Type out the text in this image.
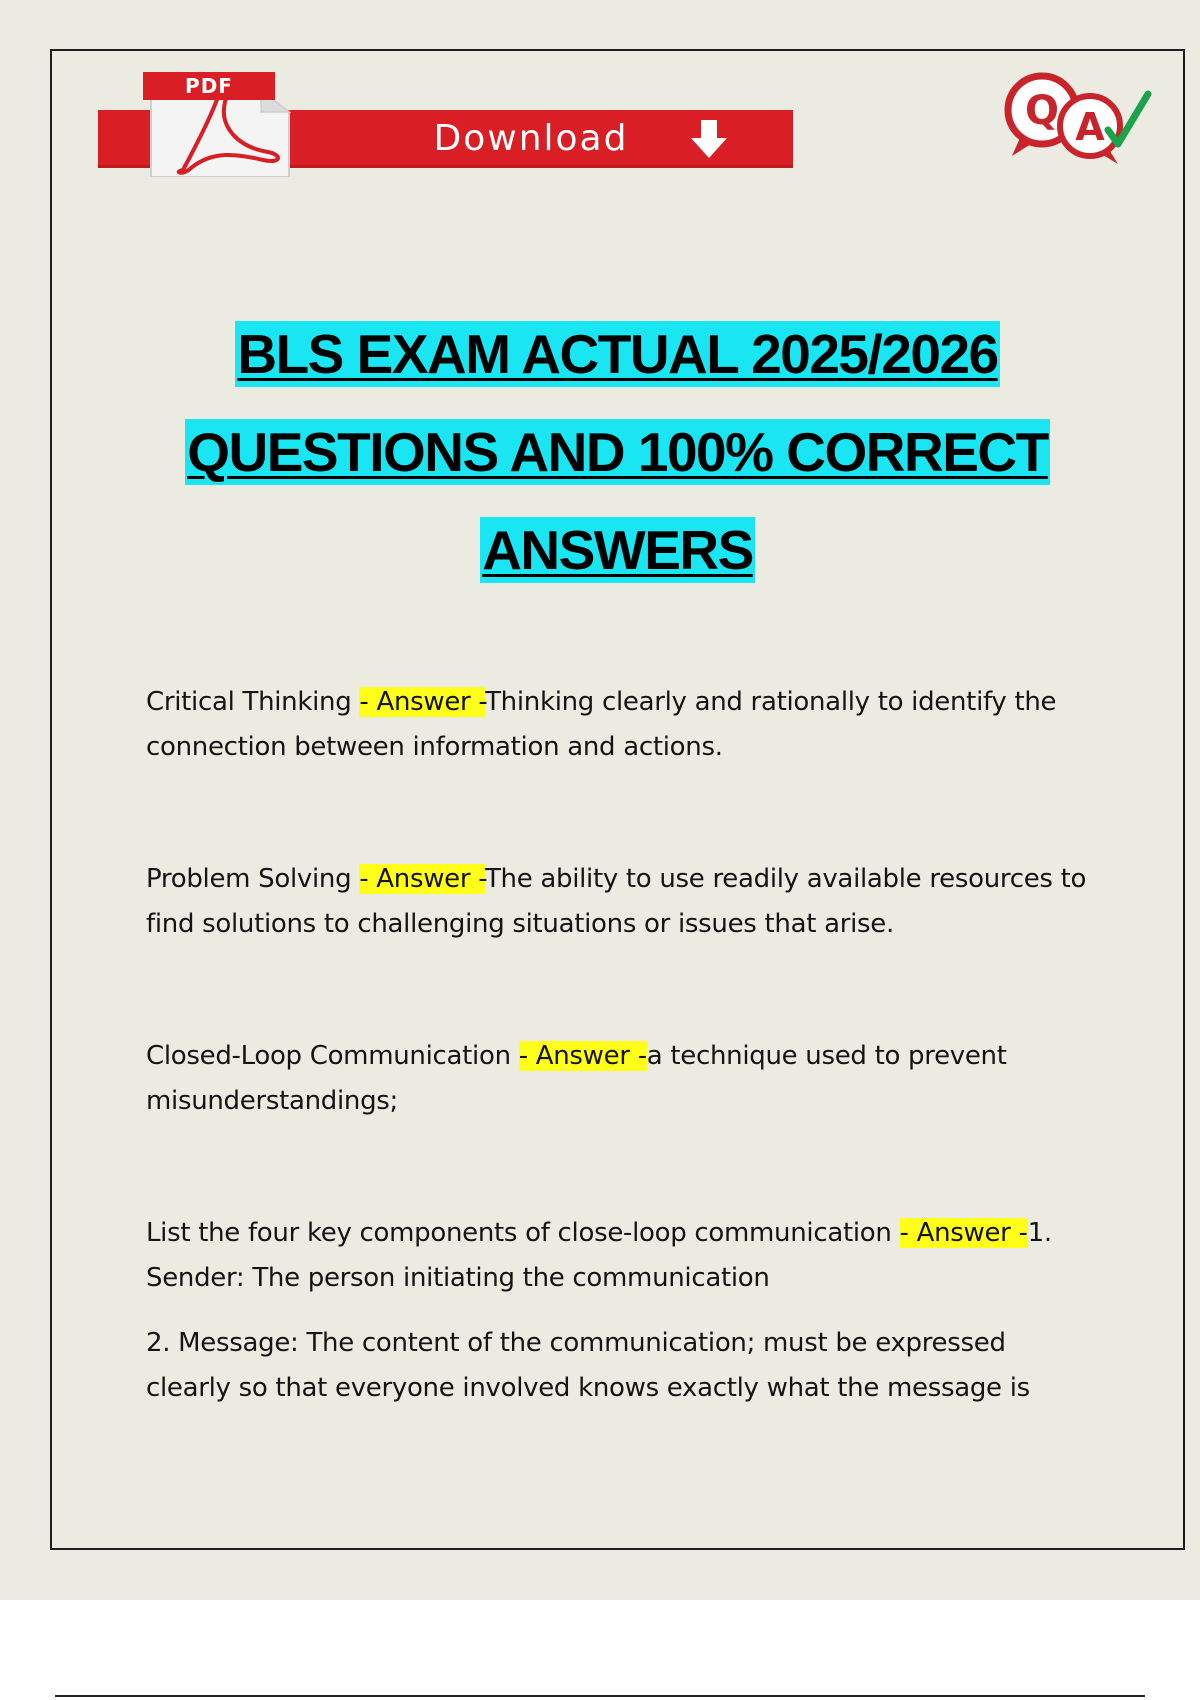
PDF
Download
Q A
BLS EXAM ACTUAL 2025/2026
QUESTIONS AND 100% CORRECT
ANSWERS
Critical Thinking - Answer -Thinking clearly and rationally to identify the connection between information and actions.
Problem Solving - Answer -The ability to use readily available resources to find solutions to challenging situations or issues that arise.
Closed-Loop Communication - Answer -a technique used to prevent misunderstandings;
List the four key components of close-loop communication - Answer -1. Sender: The person initiating the communication
2. Message: The content of the communication; must be expressed clearly so that everyone involved knows exactly what the message is
